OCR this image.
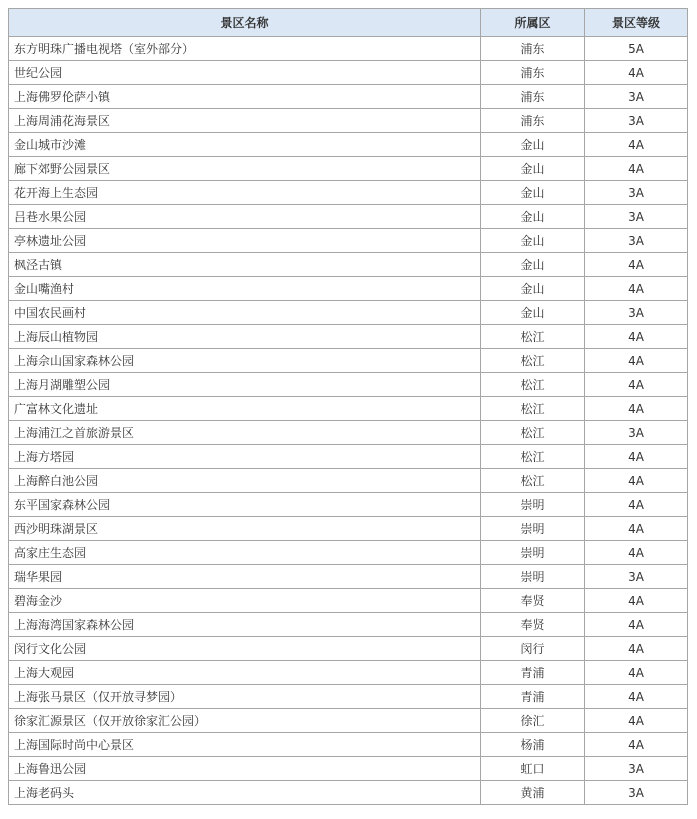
景区名称	所属区	景区等级
东方明珠广播电视塔（室外部分）	浦东	5A
世纪公园	浦东	4A
上海佛罗伦萨小镇	浦东	3A
上海周浦花海景区	浦东	3A
金山城市沙滩	金山	4A
廊下郊野公园景区	金山	4A
花开海上生态园	金山	3A
吕巷水果公园	金山	3A
亭林遗址公园	金山	3A
枫泾古镇	金山	4A
金山嘴渔村	金山	4A
中国农民画村	金山	3A
上海辰山植物园	松江	4A
上海佘山国家森林公园	松江	4A
上海月湖雕塑公园	松江	4A
广富林文化遗址	松江	4A
上海浦江之首旅游景区	松江	3A
上海方塔园	松江	4A
上海醉白池公园	松江	4A
东平国家森林公园	崇明	4A
西沙明珠湖景区	崇明	4A
高家庄生态园	崇明	4A
瑞华果园	崇明	3A
碧海金沙	奉贤	4A
上海海湾国家森林公园	奉贤	4A
闵行文化公园	闵行	4A
上海大观园	青浦	4A
上海张马景区（仅开放寻梦园）	青浦	4A
徐家汇源景区（仅开放徐家汇公园）	徐汇	4A
上海国际时尚中心景区	杨浦	4A
上海鲁迅公园	虹口	3A
上海老码头	黄浦	3A
